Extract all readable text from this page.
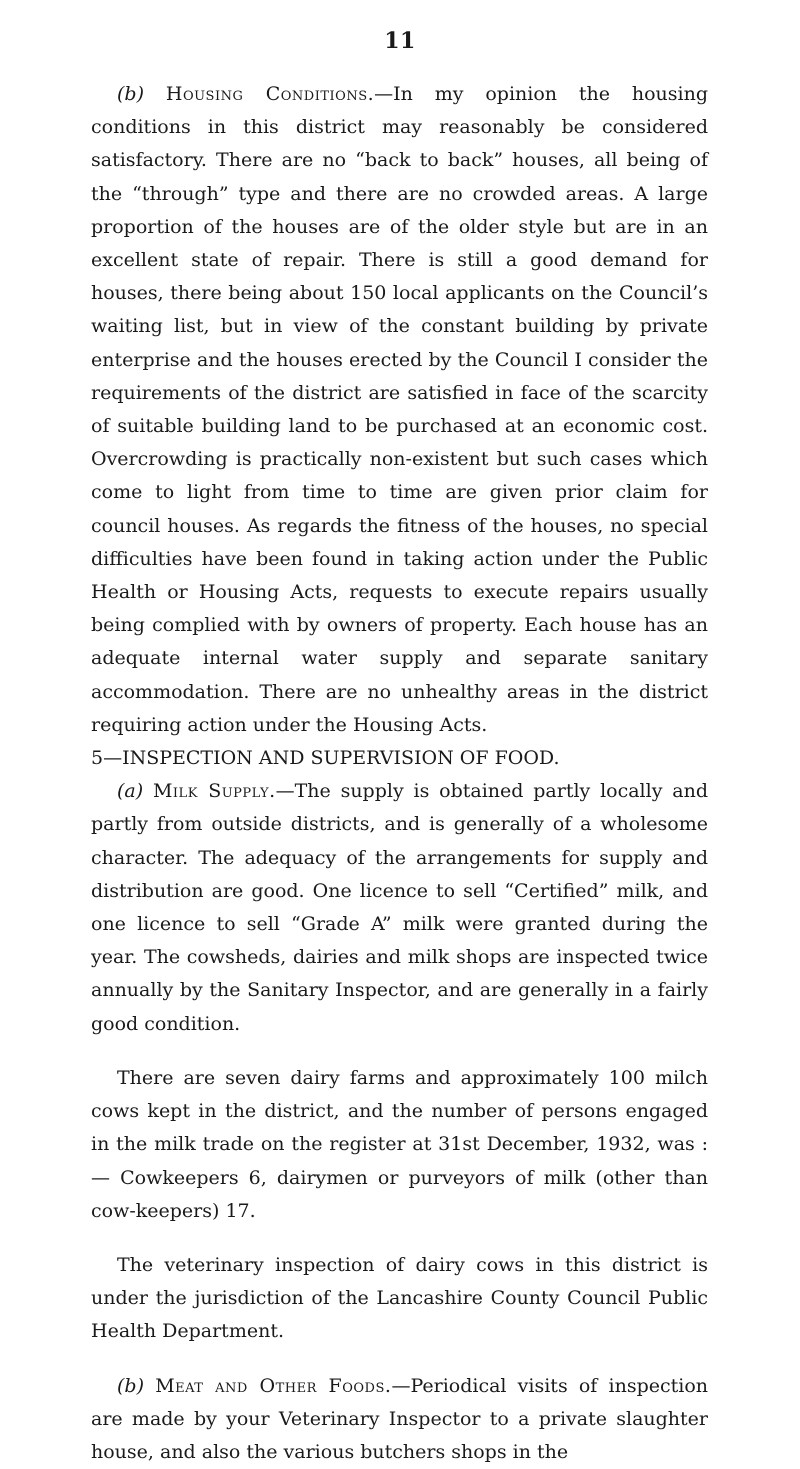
11

(b) Housing Conditions.—In my opinion the housing conditions in this district may reasonably be considered satisfactory. There are no “back to back” houses, all being of the “through” type and there are no crowded areas. A large proportion of the houses are of the older style but are in an excellent state of repair. There is still a good demand for houses, there being about 150 local applicants on the Council’s waiting list, but in view of the constant building by private enterprise and the houses erected by the Council I consider the requirements of the district are satisfied in face of the scarcity of suitable building land to be purchased at an economic cost. Overcrowding is practically non-existent but such cases which come to light from time to time are given prior claim for council houses. As regards the fitness of the houses, no special difficulties have been found in taking action under the Public Health or Housing Acts, requests to execute repairs usually being complied with by owners of property. Each house has an adequate internal water supply and separate sanitary accommodation. There are no unhealthy areas in the district requiring action under the Housing Acts.

5—INSPECTION AND SUPERVISION OF FOOD.

(a) Milk Supply.—The supply is obtained partly locally and partly from outside districts, and is generally of a wholesome character. The adequacy of the arrangements for supply and distribution are good. One licence to sell “Certified” milk, and one licence to sell “Grade A” milk were granted during the year. The cowsheds, dairies and milk shops are inspected twice annually by the Sanitary Inspector, and are generally in a fairly good condition.

There are seven dairy farms and approximately 100 milch cows kept in the district, and the number of persons engaged in the milk trade on the register at 31st December, 1932, was :— Cowkeepers 6, dairymen or purveyors of milk (other than cow-keepers) 17.

The veterinary inspection of dairy cows in this district is under the jurisdiction of the Lancashire County Council Public Health Department.

(b) Meat and Other Foods.—Periodical visits of inspection are made by your Veterinary Inspector to a private slaughter house, and also the various butchers shops in the
